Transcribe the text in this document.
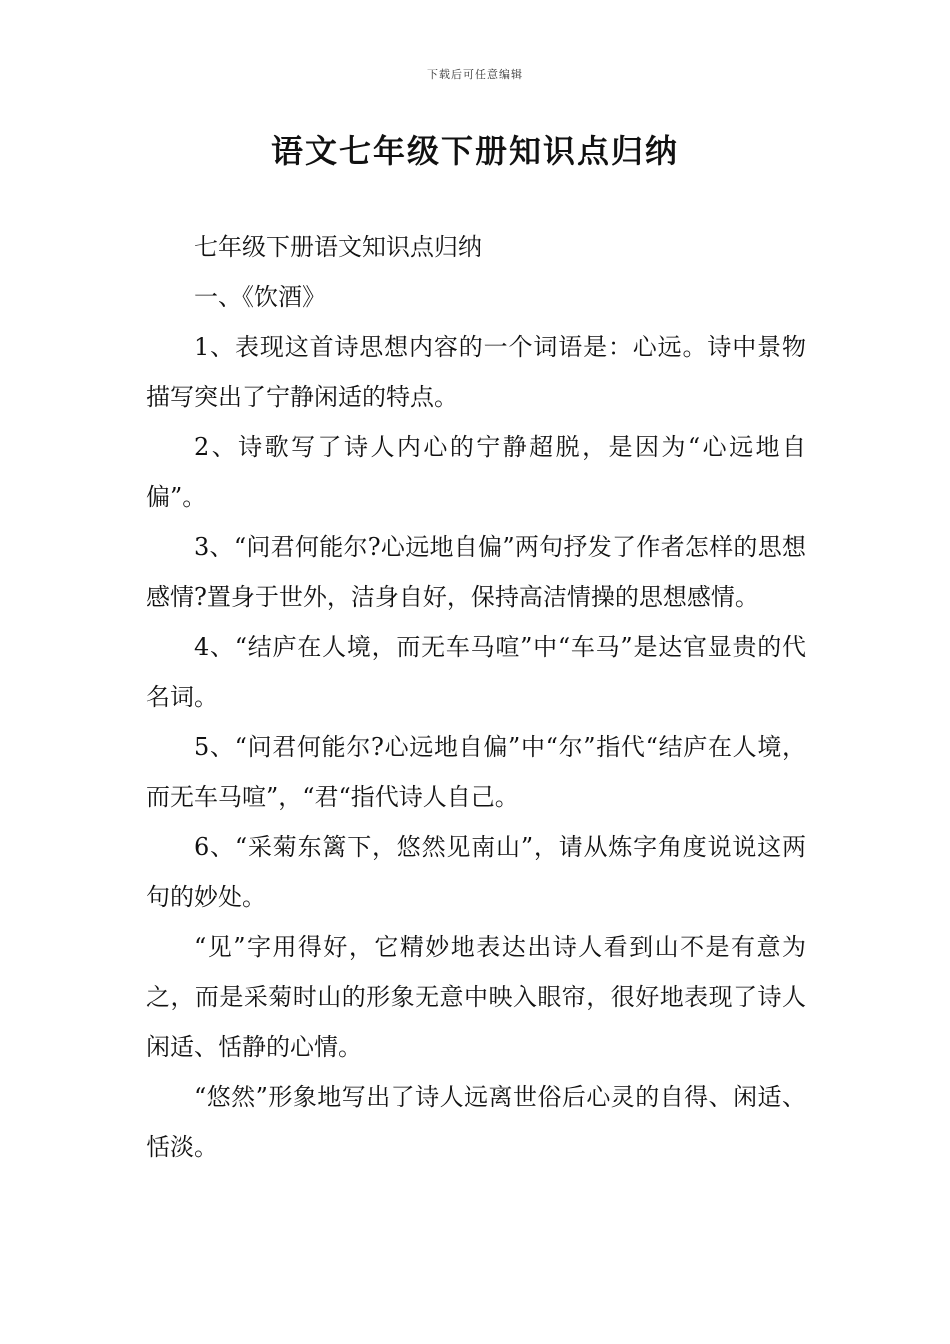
下载后可任意编辑
语文七年级下册知识点归纳

七年级下册语文知识点归纳

一、《饮酒》

1、表现这首诗思想内容的一个词语是：心远。诗中景物描写突出了宁静闲适的特点。

2、诗歌写了诗人内心的宁静超脱，是因为“心远地自偏”。

3、“问君何能尔?心远地自偏”两句抒发了作者怎样的思想感情?置身于世外，洁身自好，保持高洁情操的思想感情。

4、“结庐在人境，而无车马喧”中“车马”是达官显贵的代名词。

5、“问君何能尔?心远地自偏”中“尔”指代“结庐在人境，而无车马喧”，“君“指代诗人自己。

6、“采菊东篱下，悠然见南山”，请从炼字角度说说这两句的妙处。

“见”字用得好，它精妙地表达出诗人看到山不是有意为之，而是采菊时山的形象无意中映入眼帘，很好地表现了诗人闲适、恬静的心情。

“悠然”形象地写出了诗人远离世俗后心灵的自得、闲适、恬淡。
